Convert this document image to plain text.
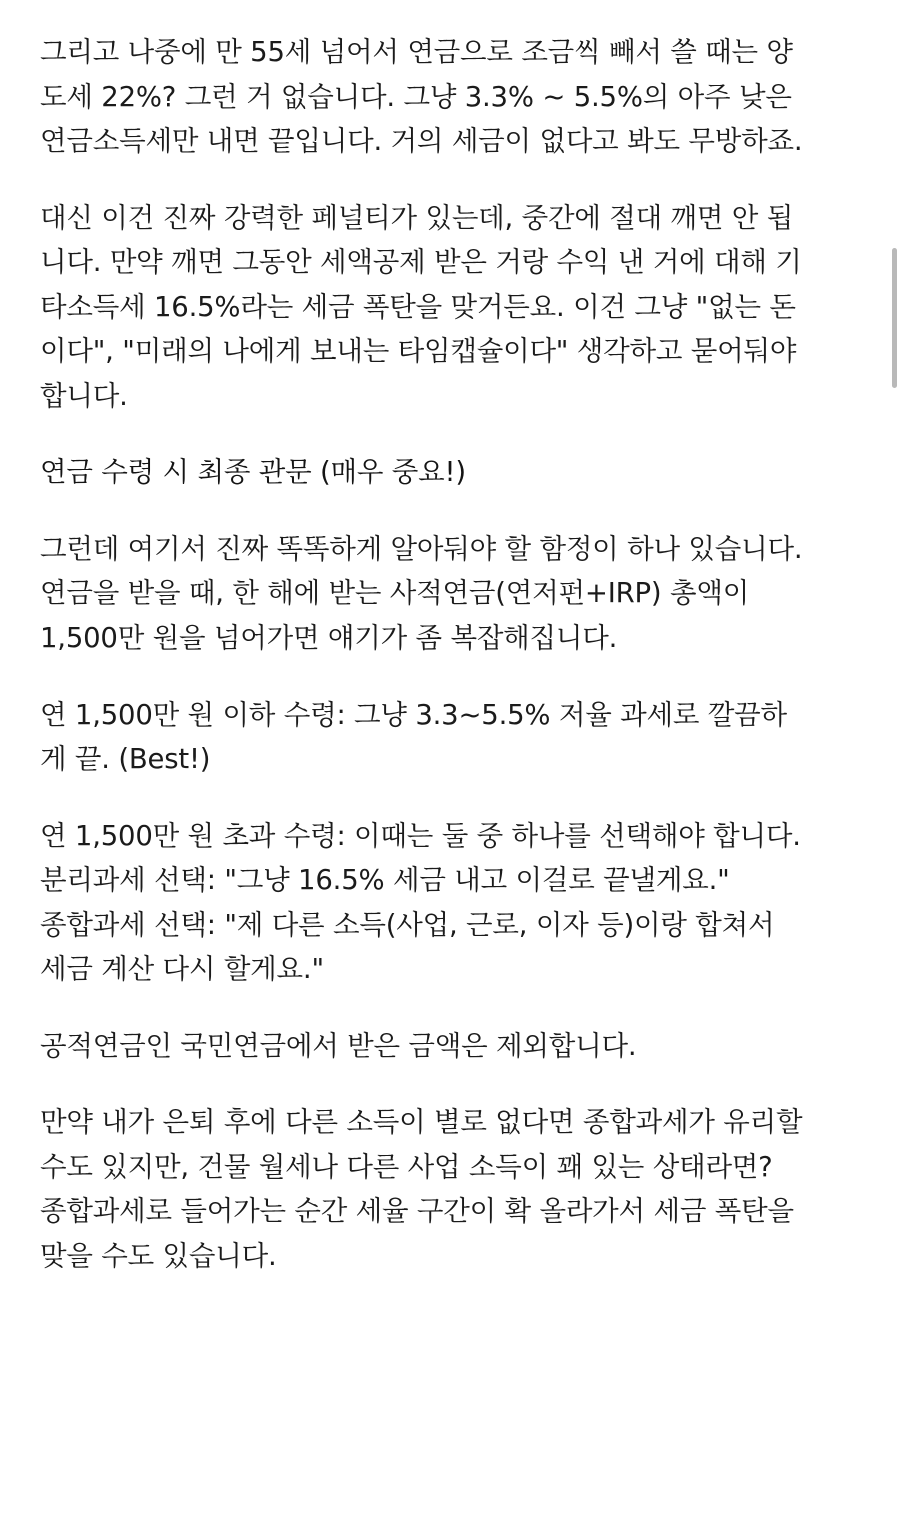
그리고 나중에 만 55세 넘어서 연금으로 조금씩 빼서 쓸 때는 양
도세 22%? 그런 거 없습니다. 그냥 3.3% ~ 5.5%의 아주 낮은
연금소득세만 내면 끝입니다. 거의 세금이 없다고 봐도 무방하죠.

대신 이건 진짜 강력한 페널티가 있는데, 중간에 절대 깨면 안 됩
니다. 만약 깨면 그동안 세액공제 받은 거랑 수익 낸 거에 대해 기
타소득세 16.5%라는 세금 폭탄을 맞거든요. 이건 그냥 "없는 돈
이다", "미래의 나에게 보내는 타임캡슐이다" 생각하고 묻어둬야
합니다.

연금 수령 시 최종 관문 (매우 중요!)

그런데 여기서 진짜 똑똑하게 알아둬야 할 함정이 하나 있습니다.
연금을 받을 때, 한 해에 받는 사적연금(연저펀+IRP) 총액이
1,500만 원을 넘어가면 얘기가 좀 복잡해집니다.

연 1,500만 원 이하 수령: 그냥 3.3~5.5% 저율 과세로 깔끔하
게 끝. (Best!)

연 1,500만 원 초과 수령: 이때는 둘 중 하나를 선택해야 합니다.
분리과세 선택: "그냥 16.5% 세금 내고 이걸로 끝낼게요."
종합과세 선택: "제 다른 소득(사업, 근로, 이자 등)이랑 합쳐서
세금 계산 다시 할게요."

공적연금인 국민연금에서 받은 금액은 제외합니다.

만약 내가 은퇴 후에 다른 소득이 별로 없다면 종합과세가 유리할
수도 있지만, 건물 월세나 다른 사업 소득이 꽤 있는 상태라면?
종합과세로 들어가는 순간 세율 구간이 확 올라가서 세금 폭탄을
맞을 수도 있습니다.
